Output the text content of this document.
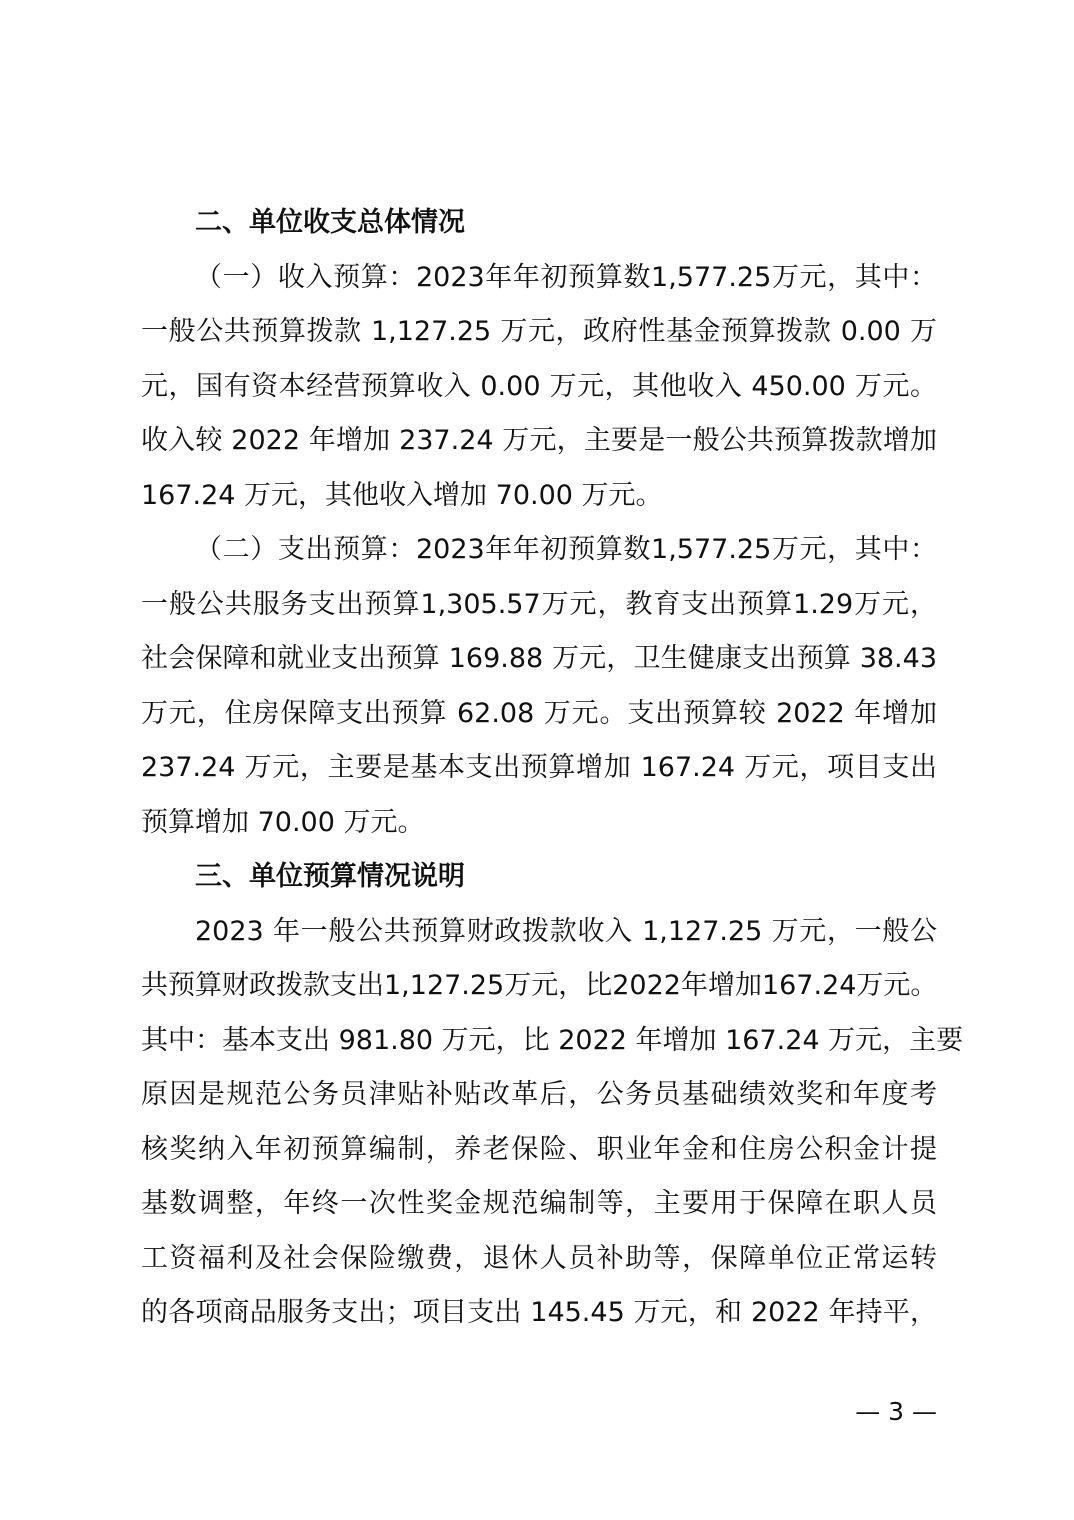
二、单位收支总体情况
（一）收入预算：2023年年初预算数1,577.25万元，其中：
一般公共预算拨款 1,127.25 万元，政府性基金预算拨款 0.00 万
元，国有资本经营预算收入 0.00 万元，其他收入 450.00 万元。
收入较 2022 年增加 237.24 万元，主要是一般公共预算拨款增加
167.24 万元，其他收入增加 70.00 万元。
（二）支出预算：2023年年初预算数1,577.25万元，其中：
一般公共服务支出预算1,305.57万元，教育支出预算1.29万元，
社会保障和就业支出预算 169.88 万元，卫生健康支出预算 38.43
万元，住房保障支出预算 62.08 万元。支出预算较 2022 年增加
237.24 万元，主要是基本支出预算增加 167.24 万元，项目支出
预算增加 70.00 万元。
三、单位预算情况说明
2023 年一般公共预算财政拨款收入 1,127.25 万元，一般公
共预算财政拨款支出1,127.25万元，比2022年增加167.24万元。
其中：基本支出 981.80 万元，比 2022 年增加 167.24 万元，主要
原因是规范公务员津贴补贴改革后，公务员基础绩效奖和年度考
核奖纳入年初预算编制，养老保险、职业年金和住房公积金计提
基数调整，年终一次性奖金规范编制等，主要用于保障在职人员
工资福利及社会保险缴费，退休人员补助等，保障单位正常运转
的各项商品服务支出；项目支出 145.45 万元，和 2022 年持平，
— 3 —
